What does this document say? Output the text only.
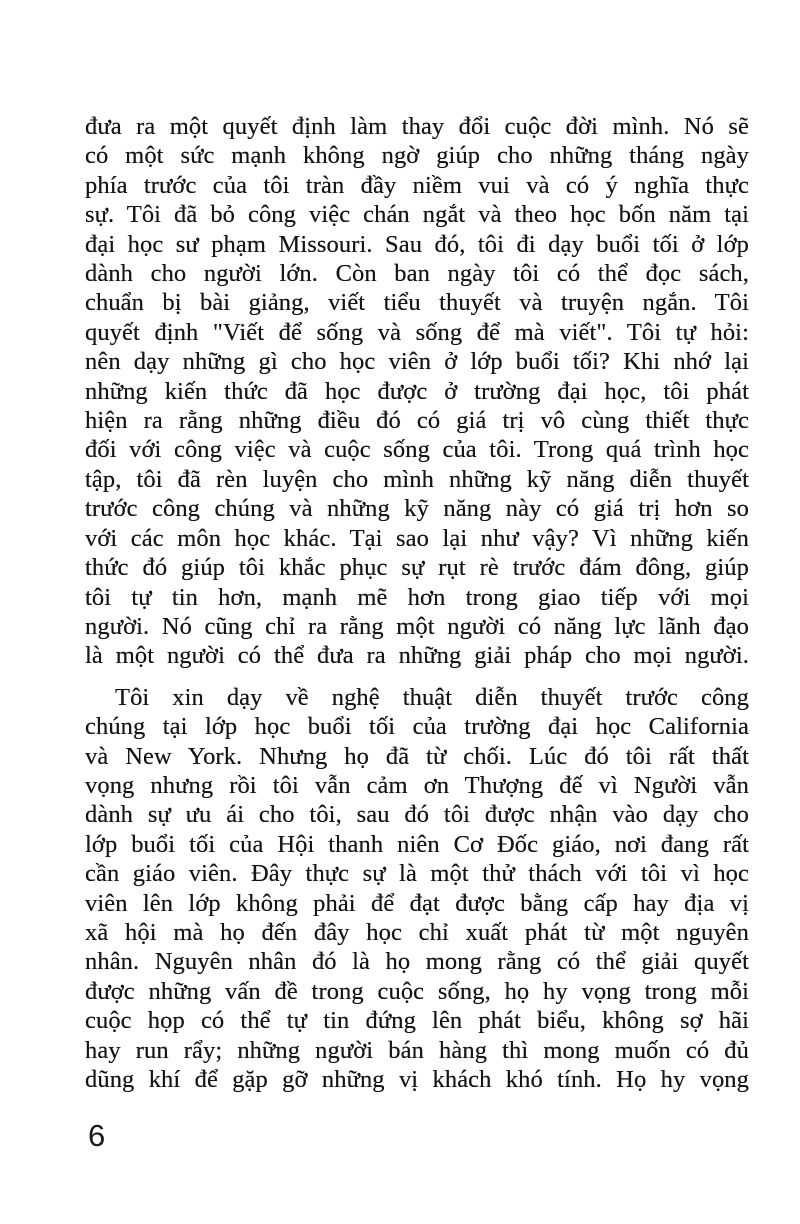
đưa ra một quyết định làm thay đổi cuộc đời mình. Nó sẽ
có một sức mạnh không ngờ giúp cho những tháng ngày
phía trước của tôi tràn đầy niềm vui và có ý nghĩa thực
sự. Tôi đã bỏ công việc chán ngắt và theo học bốn năm tại
đại học sư phạm Missouri. Sau đó, tôi đi dạy buổi tối ở lớp
dành cho người lớn. Còn ban ngày tôi có thể đọc sách,
chuẩn bị bài giảng, viết tiểu thuyết và truyện ngắn. Tôi
quyết định "Viết để sống và sống để mà viết". Tôi tự hỏi:
nên dạy những gì cho học viên ở lớp buổi tối? Khi nhớ lại
những kiến thức đã học được ở trường đại học, tôi phát
hiện ra rằng những điều đó có giá trị vô cùng thiết thực
đối với công việc và cuộc sống của tôi. Trong quá trình học
tập, tôi đã rèn luyện cho mình những kỹ năng diễn thuyết
trước công chúng và những kỹ năng này có giá trị hơn so
với các môn học khác. Tại sao lại như vậy? Vì những kiến
thức đó giúp tôi khắc phục sự rụt rè trước đám đông, giúp
tôi tự tin hơn, mạnh mẽ hơn trong giao tiếp với mọi
người. Nó cũng chỉ ra rằng một người có năng lực lãnh đạo
là một người có thể đưa ra những giải pháp cho mọi người.
Tôi xin dạy về nghệ thuật diễn thuyết trước công
chúng tại lớp học buổi tối của trường đại học California
và New York. Nhưng họ đã từ chối. Lúc đó tôi rất thất
vọng nhưng rồi tôi vẫn cảm ơn Thượng đế vì Người vẫn
dành sự ưu ái cho tôi, sau đó tôi được nhận vào dạy cho
lớp buổi tối của Hội thanh niên Cơ Đốc giáo, nơi đang rất
cần giáo viên. Đây thực sự là một thử thách với tôi vì học
viên lên lớp không phải để đạt được bằng cấp hay địa vị
xã hội mà họ đến đây học chỉ xuất phát từ một nguyên
nhân. Nguyên nhân đó là họ mong rằng có thể giải quyết
được những vấn đề trong cuộc sống, họ hy vọng trong mỗi
cuộc họp có thể tự tin đứng lên phát biểu, không sợ hãi
hay run rẩy; những người bán hàng thì mong muốn có đủ
dũng khí để gặp gỡ những vị khách khó tính. Họ hy vọng
6
